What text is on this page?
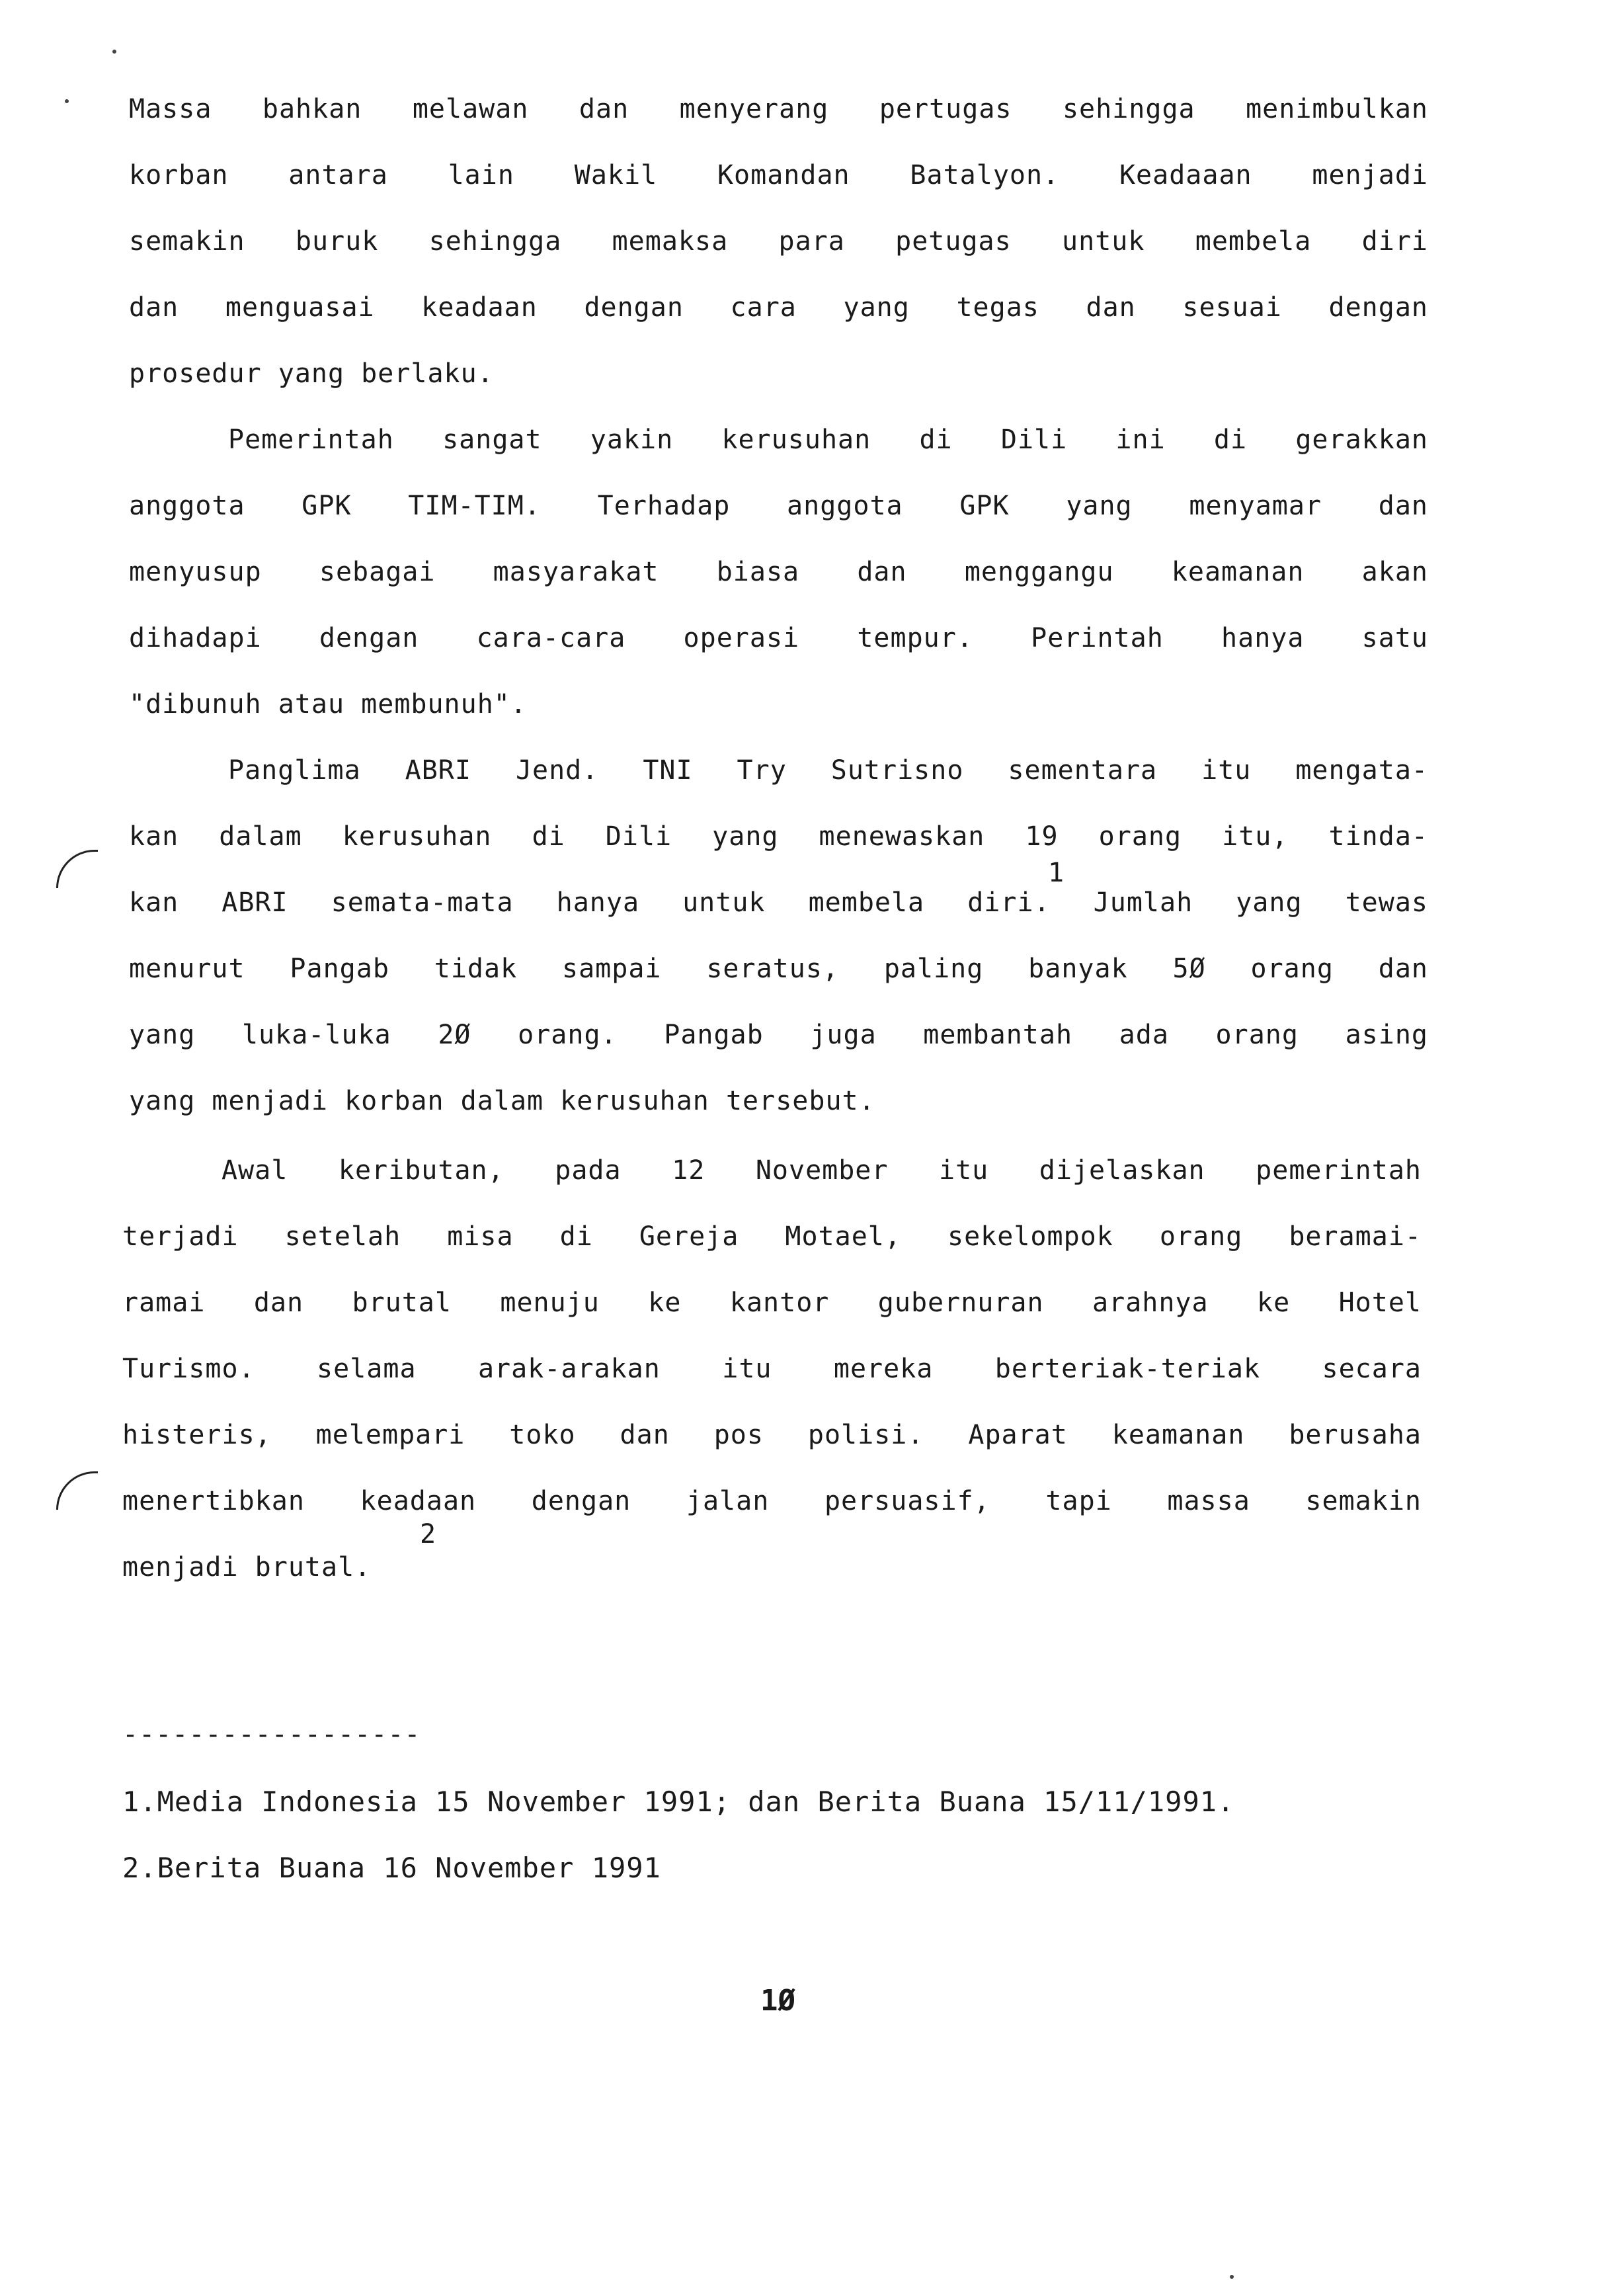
Massa bahkan melawan dan menyerang pertugas sehingga menimbulkan
korban antara lain Wakil Komandan Batalyon. Keadaaan menjadi
semakin buruk sehingga memaksa para petugas untuk membela diri
dan menguasai keadaan dengan cara yang tegas dan sesuai dengan
prosedur yang berlaku.
Pemerintah sangat yakin kerusuhan di Dili ini di gerakkan
anggota GPK TIM-TIM. Terhadap anggota GPK yang menyamar dan
menyusup sebagai masyarakat biasa dan menggangu keamanan akan
dihadapi dengan cara-cara operasi tempur. Perintah hanya satu
"dibunuh atau membunuh".
Panglima ABRI Jend. TNI Try Sutrisno sementara itu mengata-
kan dalam kerusuhan di Dili yang menewaskan 19 orang itu, tinda-
kan ABRI semata-mata hanya untuk membela diri. Jumlah yang tewas
menurut Pangab tidak sampai seratus, paling banyak 5Ø orang dan
yang luka-luka 2Ø orang. Pangab juga membantah ada orang asing
yang menjadi korban dalam kerusuhan tersebut.
1
Awal keributan, pada 12 November itu dijelaskan pemerintah
terjadi setelah misa di Gereja Motael, sekelompok orang beramai-
ramai dan brutal menuju ke kantor gubernuran arahnya ke Hotel
Turismo. selama arak-arakan itu mereka berteriak-teriak secara
histeris, melempari toko dan pos polisi. Aparat keamanan berusaha
menertibkan keadaan dengan jalan persuasif, tapi massa semakin
menjadi brutal.
2
------------------
1.Media Indonesia 15 November 1991; dan Berita Buana 15/11/1991.
2.Berita Buana 16 November 1991
1Ø
